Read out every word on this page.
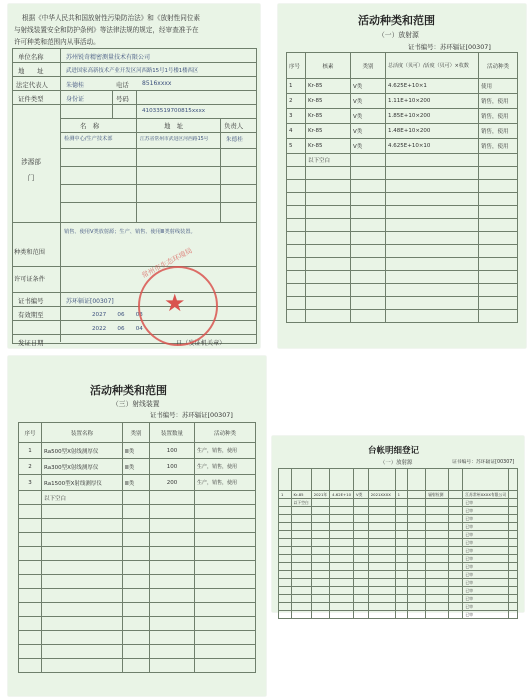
根据《中华人民共和国放射性污染防治法》和《放射性同位素
与射线装置安全和防护条例》等法律法规的规定，经审查准予在
许可种类和范围内从事活动。
单位名称	苏州锐奇精密测量技术有限公司
地　　址	武进国家高新技术产业开发区河西路15号1号楼1楼西区
法定代表人	朱德桂	电话 8516xxxx
证件类型	身份证	号码
41033519700815xxxx
名　称	地　址	负责人
检测中心/生产技术部	江苏省常州市武进区河西路15号	朱德桂
涉源部门
种类和范围
销售、使用Ⅴ类放射源；生产、销售、使用Ⅲ类射线装置。
许可证条件
证书编号	苏环辐证[00307]
有效期至	2027　　06　　03
发证日期
2022　　06　　04
日（发证机关章）
★
常州市生态环境局
活动种类和范围
（一）放射源
证书编号：苏环辐证[00307]
序号	核素	类别	总活度（贝可）/活度（贝可）×枚数	活动种类
1	Kr-85	Ⅴ类	4.625E+10×1	使用
2	Kr-85	Ⅴ类	1.11E+10×200	销售，使用
3	Kr-85	Ⅴ类	1.85E+10×200	销售，使用
4	Kr-85	Ⅴ类	1.48E+10×200	销售，使用
5	Kr-85	Ⅴ类	4.625E+10×10	销售，使用
	以下空白			

活动种类和范围
（三）射线装置
证书编号：苏环辐证[00307]
序号	装置名称	类别	装置数量	活动种类
1	Ra500型X射线测厚仪	Ⅲ类	100	生产，销售，使用
2	Ra300型X射线测厚仪	Ⅲ类	100	生产，销售，使用
3	Ra1500型X射线测厚仪	Ⅲ类	200	生产，销售，使用
	以下空白			

台帐明细登记
（一）放射源	证书编号：苏环辐证[00307]

1	Kr-85	2021年	4.62E+10	Ⅴ类	2021XXXX	1	　	辐射检测	　	江苏常州XXXX有限公司	　
	以下空白									已审	
										已审	
										已审	
										已审	
										已审	
										已审	
										已审	
										已审	
										已审	
										已审	
										已审	
										已审	
										已审	
										已审	
										已审	
